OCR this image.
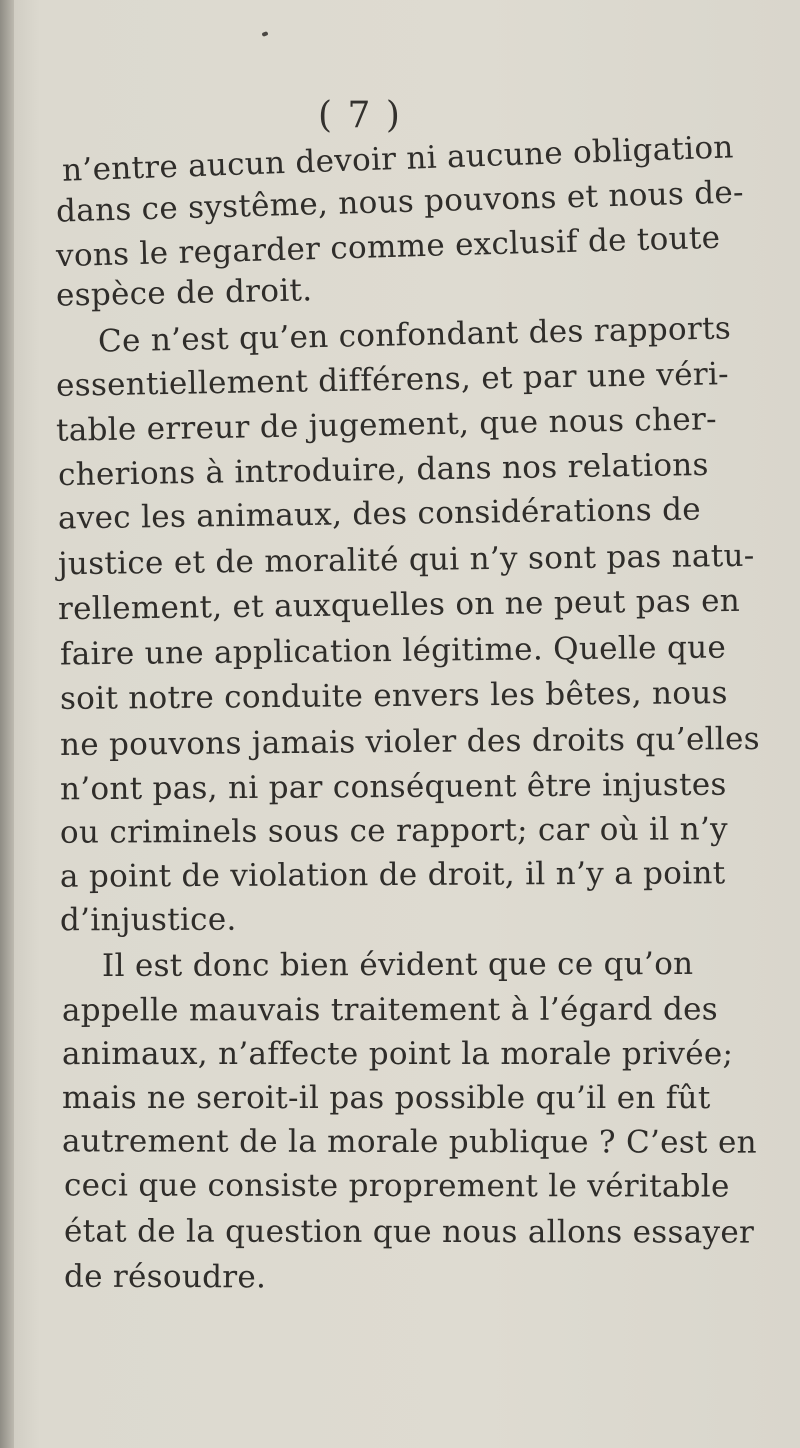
( 7 )
n’entre aucun devoir ni aucune obligation
dans ce systême, nous pouvons et nous de-
vons le regarder comme exclusif de toute
espèce de droit.
Ce n’est qu’en confondant des rapports
essentiellement différens, et par une véri-
table erreur de jugement, que nous cher-
cherions à introduire, dans nos relations
avec les animaux, des considérations de
justice et de moralité qui n’y sont pas natu-
rellement, et auxquelles on ne peut pas en
faire une application légitime. Quelle que
soit notre conduite envers les bêtes, nous
ne pouvons jamais violer des droits qu’elles
n’ont pas, ni par conséquent être injustes
ou criminels sous ce rapport; car où il n’y
a point de violation de droit, il n’y a point
d’injustice.
Il est donc bien évident que ce qu’on
appelle mauvais traitement à l’égard des
animaux, n’affecte point la morale privée;
mais ne seroit-il pas possible qu’il en fût
autrement de la morale publique ? C’est en
ceci que consiste proprement le véritable
état de la question que nous allons essayer
de résoudre.
